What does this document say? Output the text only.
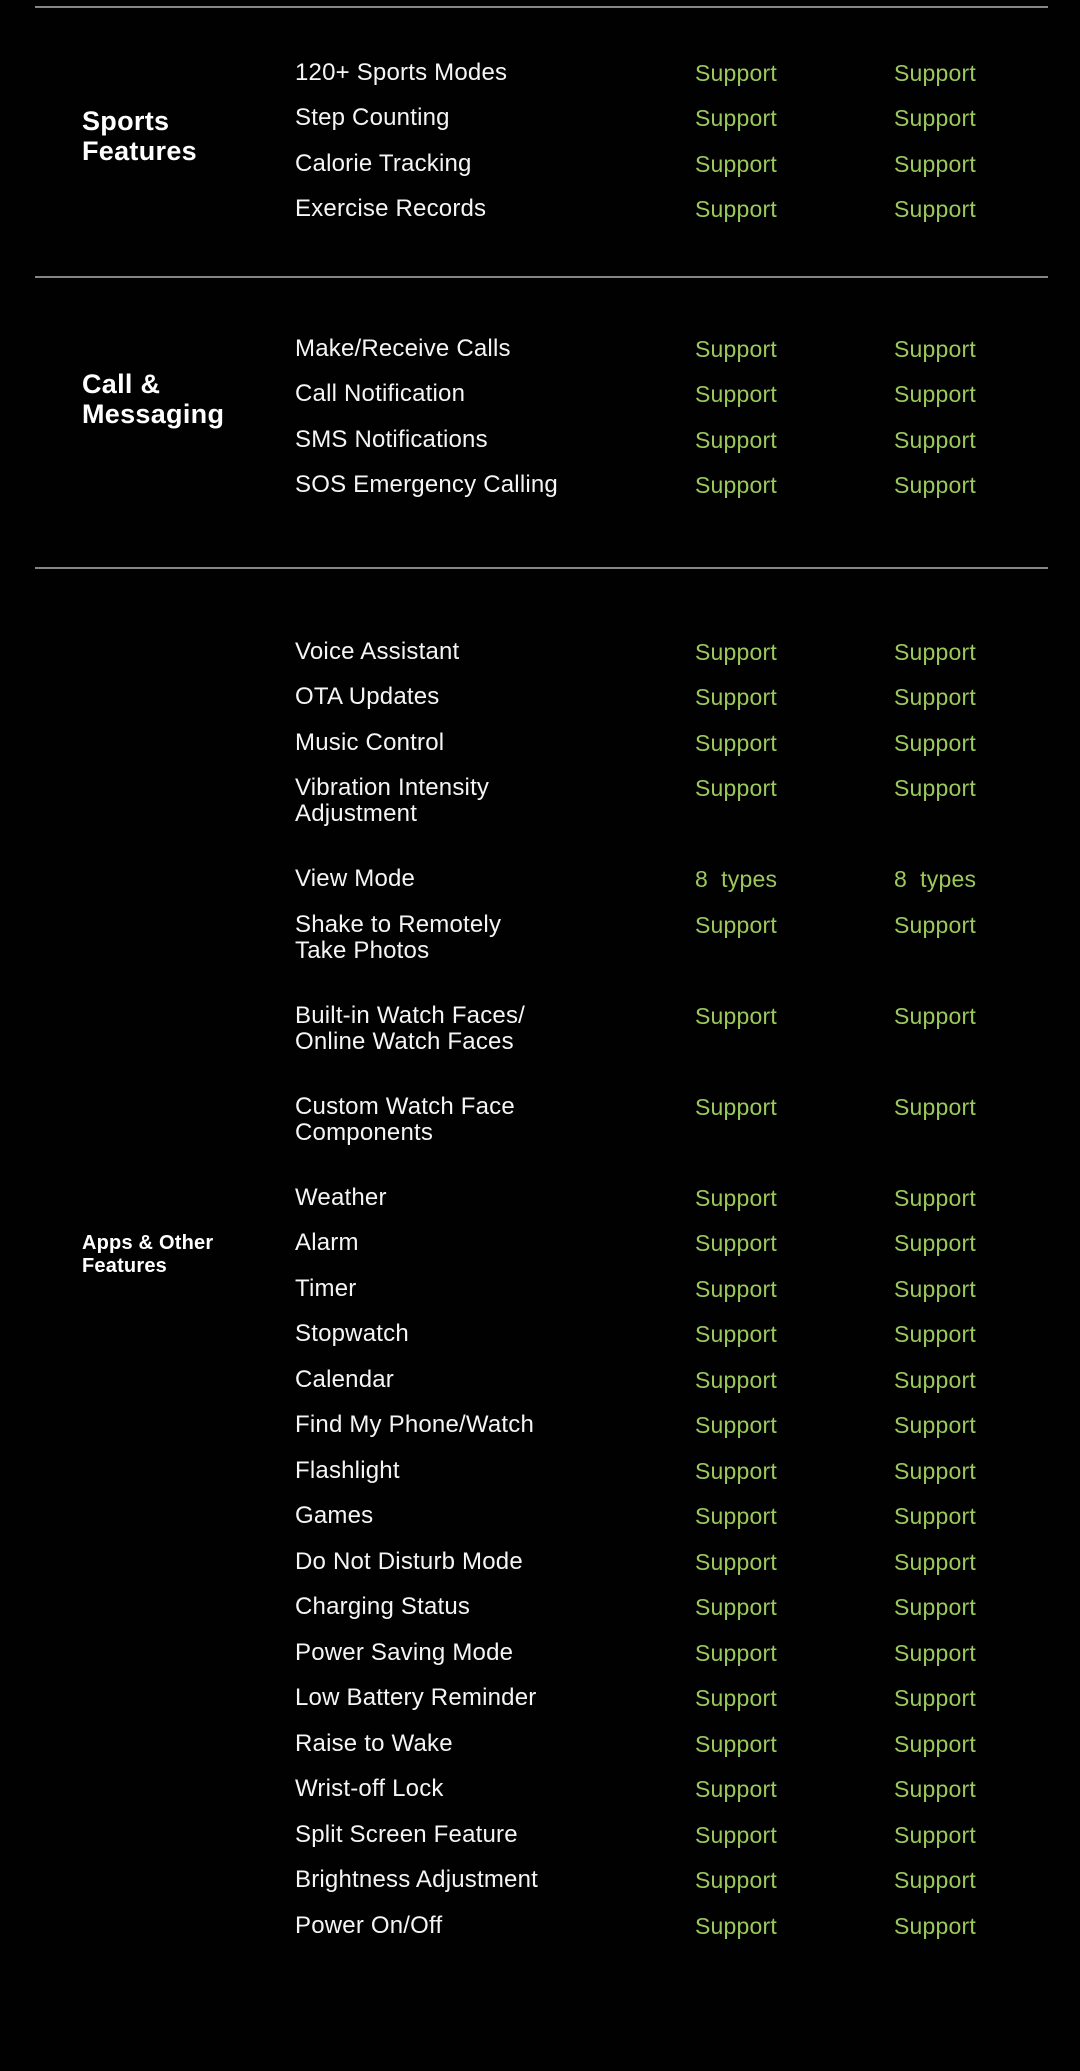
Sports
Features
120+ Sports Modes	Support	Support
Step Counting	Support	Support
Calorie Tracking	Support	Support
Exercise Records	Support	Support
Call &
Messaging
Make/Receive Calls	Support	Support
Call Notification	Support	Support
SMS Notifications	Support	Support
SOS Emergency Calling	Support	Support
Apps & Other
Features
Voice Assistant	Support	Support
OTA Updates	Support	Support
Music Control	Support	Support
Vibration Intensity
Adjustment
Support	Support
View Mode	8  types	8  types
Shake to Remotely
Take Photos
Support	Support
Built-in Watch Faces/
Online Watch Faces
Support	Support
Custom Watch Face
Components
Support	Support
Weather	Support	Support
Alarm	Support	Support
Timer	Support	Support
Stopwatch	Support	Support
Calendar	Support	Support
Find My Phone/Watch	Support	Support
Flashlight	Support	Support
Games	Support	Support
Do Not Disturb Mode	Support	Support
Charging Status	Support	Support
Power Saving Mode	Support	Support
Low Battery Reminder	Support	Support
Raise to Wake	Support	Support
Wrist-off Lock	Support	Support
Split Screen Feature	Support	Support
Brightness Adjustment	Support	Support
Power On/Off	Support	Support
